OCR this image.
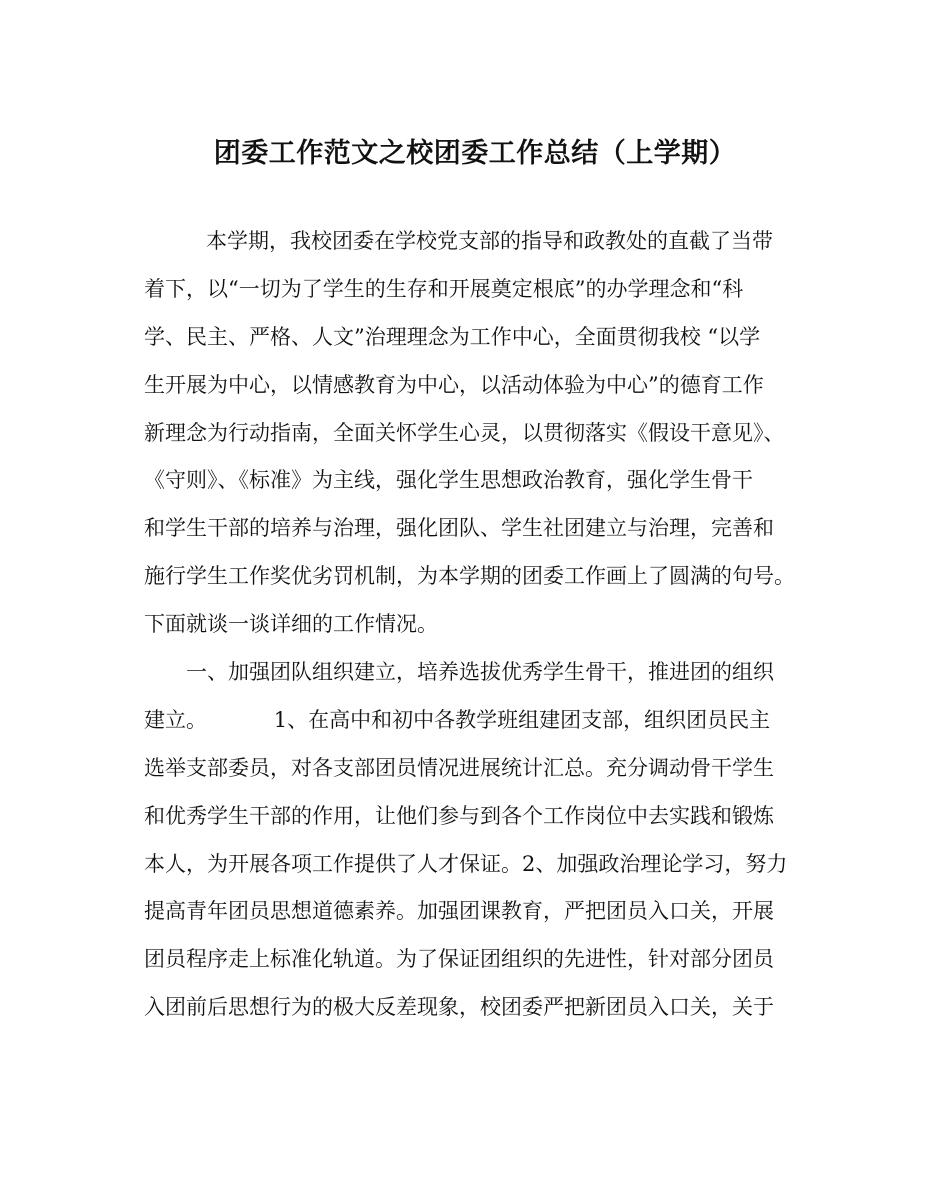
团委工作范文之校团委工作总结（上学期）
本学期，我校团委在学校党支部的指导和政教处的直截了当带
着下，以“一切为了学生的生存和开展奠定根底”的办学理念和“科
学、民主、严格、人文”治理理念为工作中心，全面贯彻我校 “以学
生开展为中心，以情感教育为中心，以活动体验为中心”的德育工作
新理念为行动指南，全面关怀学生心灵，以贯彻落实《假设干意见》、
《守则》、《标准》为主线，强化学生思想政治教育，强化学生骨干
和学生干部的培养与治理，强化团队、学生社团建立与治理，完善和
施行学生工作奖优劣罚机制，为本学期的团委工作画上了圆满的句号。
下面就谈一谈详细的工作情况。
一、加强团队组织建立，培养选拔优秀学生骨干，推进团的组织
建立。          1、在高中和初中各教学班组建团支部，组织团员民主
选举支部委员，对各支部团员情况进展统计汇总。充分调动骨干学生
和优秀学生干部的作用，让他们参与到各个工作岗位中去实践和锻炼
本人，为开展各项工作提供了人才保证。2、加强政治理论学习，努力
提高青年团员思想道德素养。加强团课教育，严把团员入口关，开展
团员程序走上标准化轨道。为了保证团组织的先进性，针对部分团员
入团前后思想行为的极大反差现象，校团委严把新团员入口关，关于
